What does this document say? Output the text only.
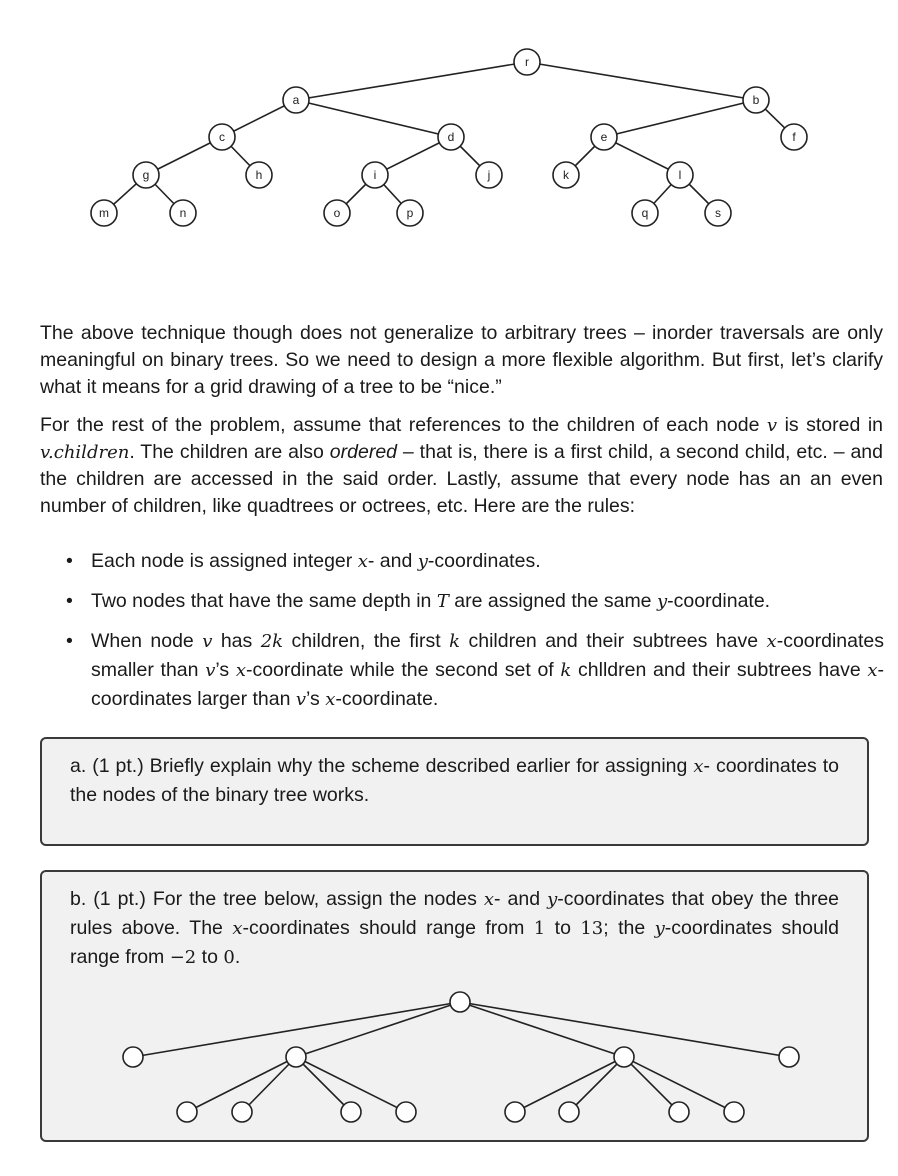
r
a	b
c	d	e	f
g	h	i	j	k	l
m	n	o	p	q	s

The above technique though does not generalize to arbitrary trees – inorder traversals are only meaningful on binary trees. So we need to design a more flexible algorithm. But first, let’s clarify what it means for a grid drawing of a tree to be “nice.”

For the rest of the problem, assume that references to the children of each node v is stored in v.children. The children are also ordered – that is, there is a first child, a second child, etc. – and the children are accessed in the said order. Lastly, assume that every node has an an even number of children, like quadtrees or octrees, etc. Here are the rules:

• Each node is assigned integer x- and y-coordinates.
• Two nodes that have the same depth in T are assigned the same y-coordinate.
• When node v has 2k children, the first k children and their subtrees have x-coordinates smaller than v’s x-coordinate while the second set of k chlldren and their subtrees have x-coordinates larger than v’s x-coordinate.
a. (1 pt.) Briefly explain why the scheme described earlier for assigning x- coordinates to the nodes of the binary tree works.
b. (1 pt.) For the tree below, assign the nodes x- and y-coordinates that obey the three rules above. The x-coordinates should range from 1 to 13; the y-coordinates should range from −2 to 0.
